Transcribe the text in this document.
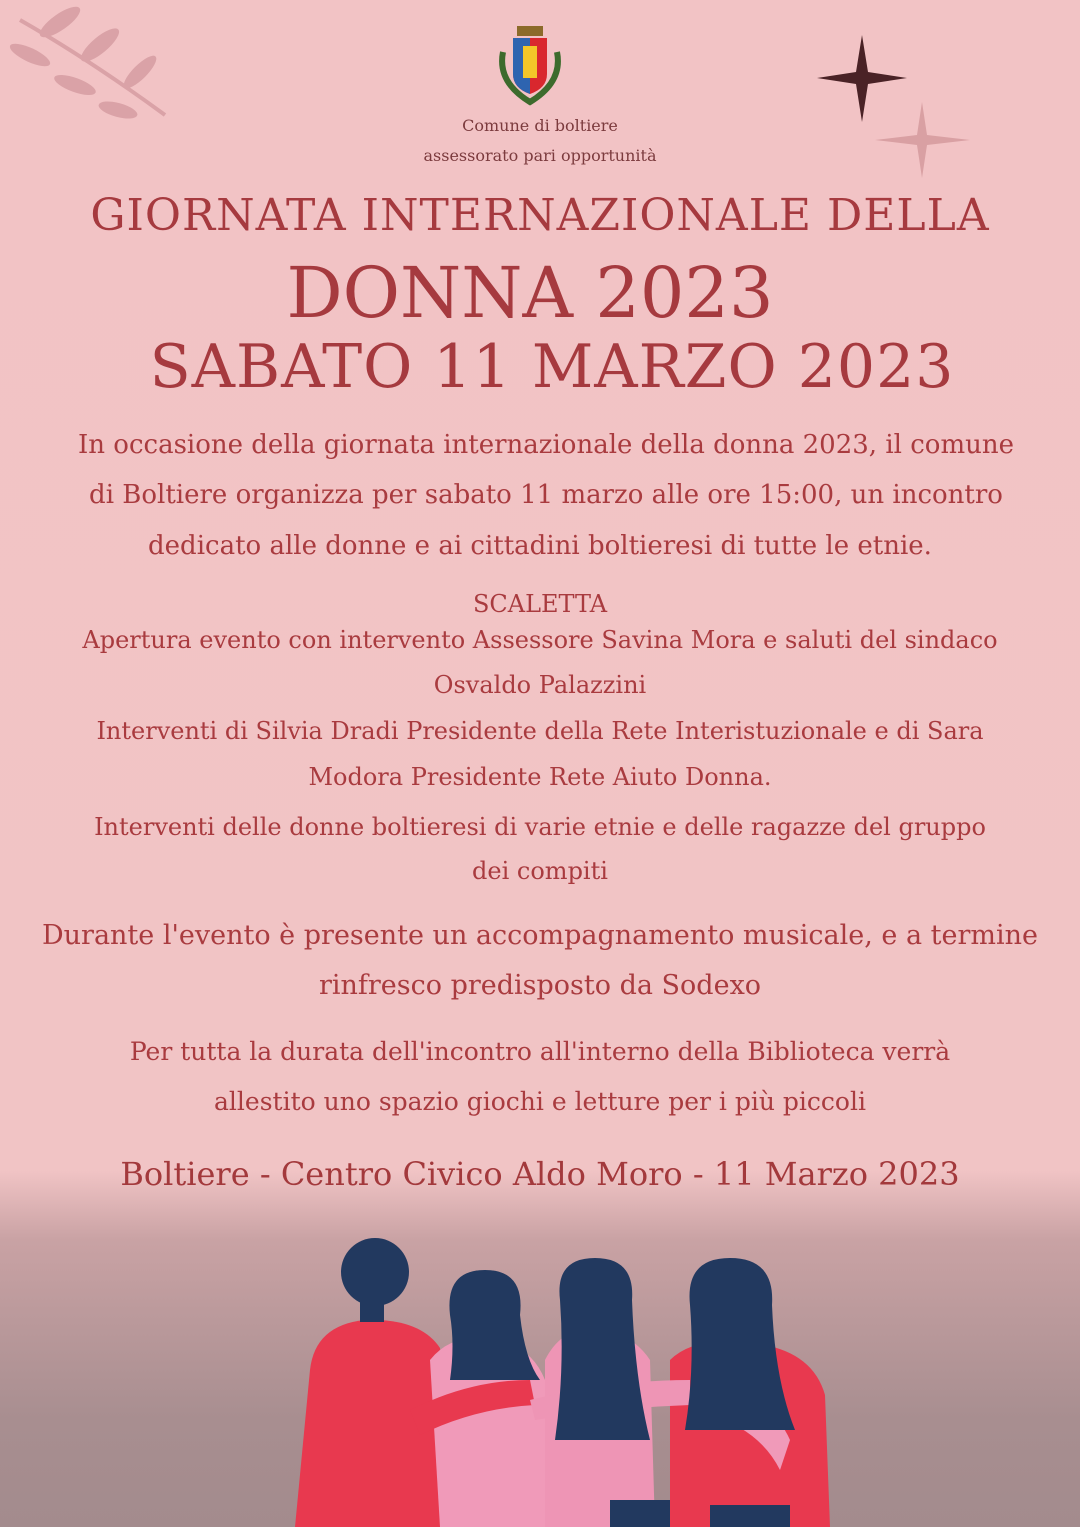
Comune di boltiere
assessorato pari opportunità
GIORNATA INTERNAZIONALE DELLA
DONNA 2023
SABATO 11 MARZO 2023
In occasione della giornata internazionale della donna 2023, il comune
di Boltiere organizza per sabato 11 marzo alle ore 15:00, un incontro
dedicato alle donne e ai cittadini boltieresi di tutte le etnie.
SCALETTA
Apertura evento con intervento Assessore Savina Mora e saluti del sindaco
Osvaldo Palazzini
Interventi di Silvia Dradi Presidente della Rete Interistuzionale e di Sara
Modora Presidente Rete Aiuto Donna.
Interventi delle donne boltieresi di varie etnie e delle ragazze del gruppo
dei compiti
Durante l'evento è presente un accompagnamento musicale, e a termine
rinfresco predisposto da Sodexo
Per tutta la durata dell'incontro all'interno della Biblioteca verrà
allestito uno spazio giochi e letture per i più piccoli
Boltiere - Centro Civico Aldo Moro - 11 Marzo 2023
